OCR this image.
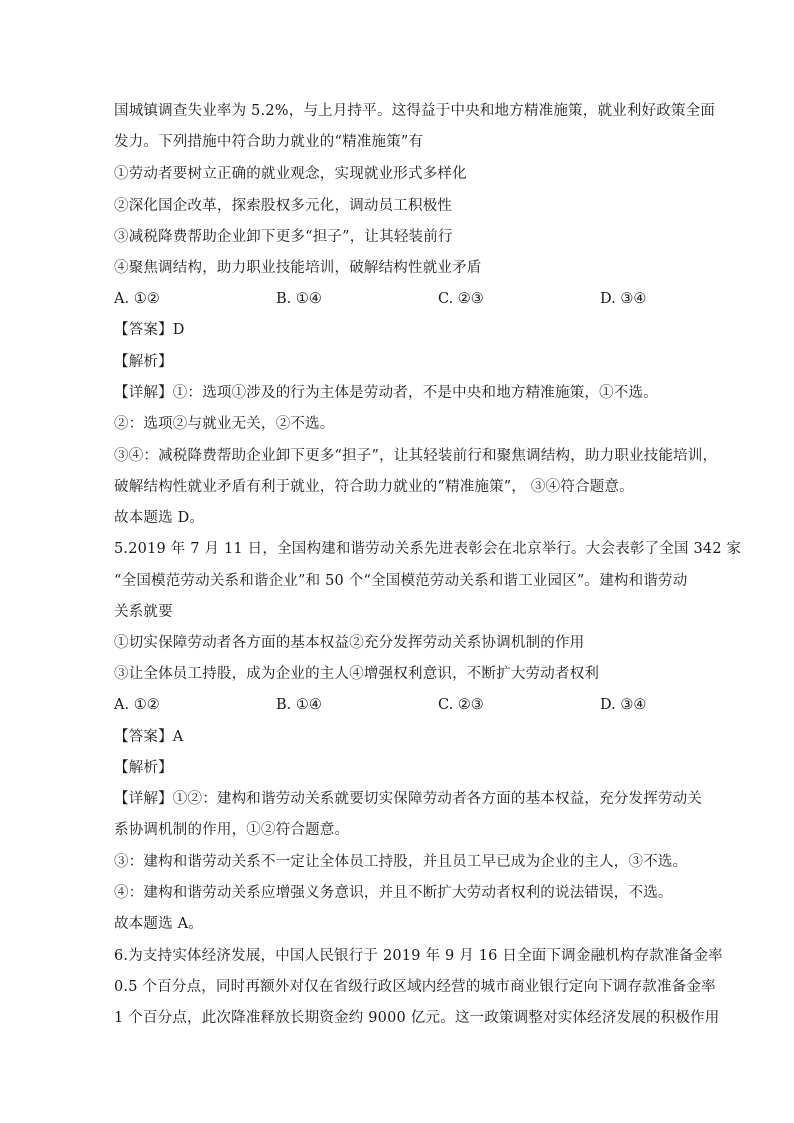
国城镇调查失业率为 5.2%，与上月持平。这得益于中央和地方精准施策，就业利好政策全面
发力。下列措施中符合助力就业的“精准施策”有
①劳动者要树立正确的就业观念，实现就业形式多样化
②深化国企改革，探索股权多元化，调动员工积极性
③减税降费帮助企业卸下更多“担子”，让其轻装前行
④聚焦调结构，助力职业技能培训，破解结构性就业矛盾
A. ①②	B. ①④	C. ②③	D. ③④
【答案】D
【解析】
【详解】①：选项①涉及的行为主体是劳动者，不是中央和地方精准施策，①不选。
②：选项②与就业无关，②不选。
③④：减税降费帮助企业卸下更多“担子”，让其轻装前行和聚焦调结构，助力职业技能培训，
破解结构性就业矛盾有利于就业，符合助力就业的“精准施策”， ③④符合题意。
故本题选 D。
5.2019 年 7 月 11 日，全国构建和谐劳动关系先进表彰会在北京举行。大会表彰了全国 342 家
“全国模范劳动关系和谐企业”和 50 个“全国模范劳动关系和谐工业园区”。建构和谐劳动
关系就要
①切实保障劳动者各方面的基本权益②充分发挥劳动关系协调机制的作用
③让全体员工持股，成为企业的主人④增强权利意识，不断扩大劳动者权利
A. ①②	B. ①④	C. ②③	D. ③④
【答案】A
【解析】
【详解】①②：建构和谐劳动关系就要切实保障劳动者各方面的基本权益，充分发挥劳动关
系协调机制的作用，①②符合题意。
③：建构和谐劳动关系不一定让全体员工持股，并且员工早已成为企业的主人，③不选。
④：建构和谐劳动关系应增强义务意识，并且不断扩大劳动者权利的说法错误，不选。
故本题选 A。
6.为支持实体经济发展，中国人民银行于 2019 年 9 月 16 日全面下调金融机构存款准备金率
0.5 个百分点，同时再额外对仅在省级行政区域内经营的城市商业银行定向下调存款准备金率
1 个百分点，此次降准释放长期资金约 9000 亿元。这一政策调整对实体经济发展的积极作用
